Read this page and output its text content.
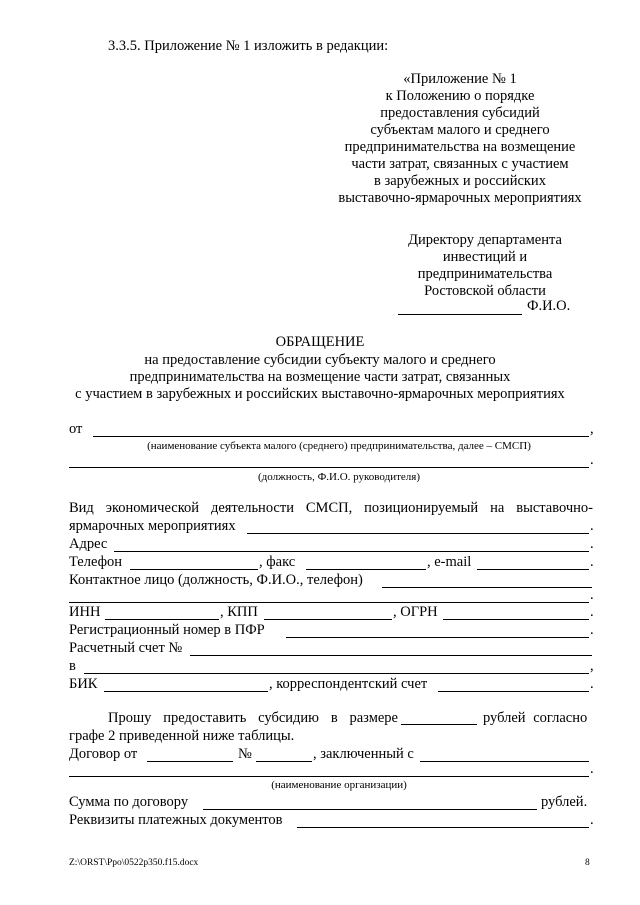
3.3.5. Приложение № 1 изложить в редакции:
«Приложение № 1
к Положению о порядке
предоставления субсидий
субъектам малого и среднего
предпринимательства на возмещение
части затрат, связанных с участием
в зарубежных и российских
выставочно-ярмарочных мероприятиях
Директору департамента
инвестиций и
предпринимательства
Ростовской области
Ф.И.О.
ОБРАЩЕНИЕ
на предоставление субсидии субъекту малого и среднего
предпринимательства на возмещение части затрат, связанных
с участием в зарубежных и российских выставочно-ярмарочных мероприятиях
от	,
(наименование субъекта малого (среднего) предпринимательства, далее – СМСП)
.
(должность, Ф.И.О. руководителя)
Вид экономической деятельности СМСП, позиционируемый на выставочно-
ярмарочных мероприятиях	.
Адрес	.
Телефон	, факс	, e-mail	.
Контактное лицо (должность, Ф.И.О., телефон)
.
ИНН	, КПП	, ОГРН	.
Регистрационный номер в ПФР	.
Расчетный счет №
в	,
БИК	, корреспондентский счет	.
Прошу предоставить субсидию в размере	рублей согласно
графе 2 приведенной ниже таблицы.
Договор от	№	, заключенный с
.
(наименование организации)
Сумма по договору	рублей.
Реквизиты платежных документов	.
Z:\ORST\Ppo\0522p350.f15.docx	8
